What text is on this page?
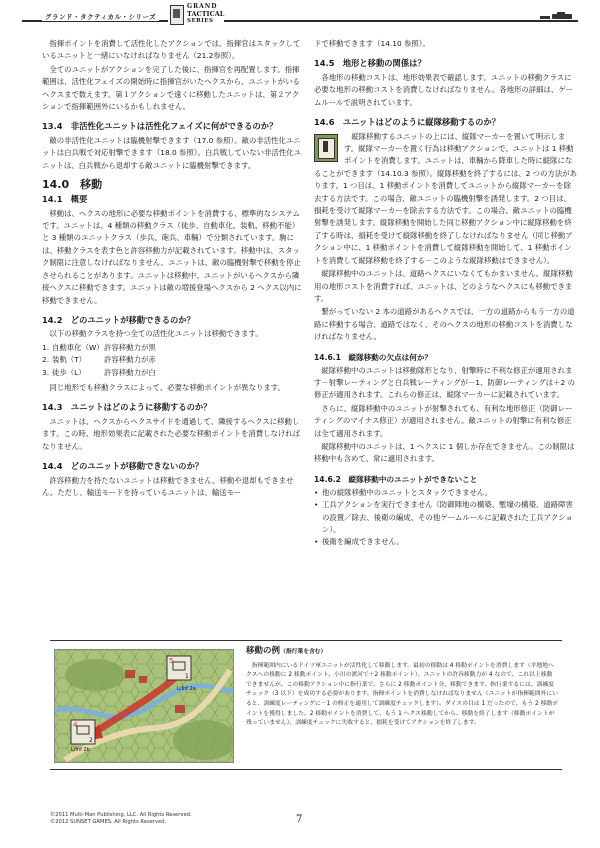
グランド・タクティカル・シリーズ
GRAND
TACTICAL
SERIES

指揮ポイントを消費して活性化したアクションでは、指揮官はスタックしているユニットと一緒にいなければなりません（21.2参照）。

全てのユニットがアクションを完了した後に、指揮官を再配置します。指揮範囲は、活性化フェイズの開始時に指揮官がいたヘクスから、ユニットがいるヘクスまで数えます。第１アクションで遠くに移動したユニットは、第２アクションで指揮範囲外にいるかもしれません。

13.4　非活性化ユニットは活性化フェイズに何ができるのか？

敵の非活性化ユニットは臨機射撃できます（17.0 参照）。敵の非活性化ユニットは白兵戦で対応射撃できます（18.0 参照）。白兵戦していない非活性化ユニットは、白兵戦から退却する敵ユニットに臨機射撃できます。

14.0　移動
14.1　概要

移動は、ヘクスの地形に必要な移動ポイントを消費する、標準的なシステムです。ユニットは、4 種類の移動クラス（徒歩、自動車化、装軌、移動不能）と 3 種類のユニットクラス（歩兵、砲兵、車輛）で分類されています。駒には、移動クラスを表す色と許容移動力が記載されています。移動中は、スタック制限に注意しなければなりません。ユニットは、敵の臨機射撃で移動を停止させられることがあります。ユニットは移動中、ユニットがいるヘクスから隣接ヘクスに移動できます。ユニットは敵の増援登場ヘクスから 2 ヘクス以内に移動できません。

14.2　どのユニットが移動できるのか？

以下の移動クラスを持つ全ての活性化ユニットは移動できます。

1. 自動車化（W） 許容移動力が黒
2. 装軌（T）	許容移動力が赤
3. 徒歩（L）	許容移動力が白

同じ地形でも移動クラスによって、必要な移動ポイントが異なります。

14.3　ユニットはどのように移動するのか？

ユニットは、ヘクスからヘクスサイドを通過して、隣接するヘクスに移動します。この時、地形効果表に記載された必要な移動ポイントを消費しなければなりません。

14.4　どのユニットが移動できないのか？

許容移動力を持たないユニットは移動できません。移動や退却もできません。ただし、輸送モードを持っているユニットは、輸送モー

ドで移動できます（14.10 参照）。

14.5　地形と移動の関係は？

各地形の移動コストは、地形効果表で確認します。ユニットの移動クラスに必要な地形の移動コストを消費しなければなりません。各地形の詳細は、ゲームルールで説明されています。

14.6　ユニットはどのように縦隊移動するのか？

縦隊移動するユニットの上には、縦隊マーカーを置いて明示します。縦隊マーカーを置く行為は移動アクションで、ユニットは 1 移動ポイントを消費します。ユニットは、車輛から降車した時に縦隊になることができます（14.10.3 参照）。縦隊移動を終了するには、2 つの方法があります。1 つ目は、1 移動ポイントを消費してユニットから縦隊マーカーを除去する方法です。この場合、敵ユニットの臨機射撃を誘発します。2 つ目は、損耗を受けて縦隊マーカーを除去する方法です。この場合、敵ユニットの臨機射撃を誘発します。縦隊移動を開始した同じ移動アクション中に縦隊移動を終了する時は、損耗を受けて縦隊移動を終了しなければなりません（同じ移動アクション中に、1 移動ポイントを消費して縦隊移動を開始して、1 移動ポイントを消費して縦隊移動を終了する－このような縦隊移動はできません）。

縦隊移動中のユニットは、道路ヘクスにいなくてもかまいません。縦隊移動用の地形コストを消費すれば、ユニットは、どのようなヘクスにも移動できます。

繋がっていない 2 本の道路があるヘクスでは、一方の道路からもう一方の道路に移動する場合、道路ではなく、そのヘクスの地形の移動コストを消費しなければなりません。

14.6.1　縦隊移動の欠点は何か？

縦隊移動中のユニットは移動隊形となり、射撃時に不利な修正が適用されます－射撃レーティングと白兵戦レーティングが－1、防御レーティングは＋2 の修正が適用されます。これらの修正は、縦隊マーカーに記載されています。

さらに、縦隊移動中のユニットが射撃されても、有利な地形修正（防御レーティングのマイナス修正）が適用されません。敵ユニットの射撃に有利な修正は全て適用されます。

縦隊移動中のユニットは、1 ヘクスに 1 個しか存在できません。この制限は移動中も含めて、常に適用されます。

14.6.2　縦隊移動中のユニットができないこと
• 他の縦隊移動中のユニットとスタックできません。
• 工兵アクションを実行できません（防御陣地の構築、塹壕の構築、道路障害の設置／除去、後衛の編成、その他ゲームルールに記載された工兵アクション）。
• 後衛を編成できません。
5
1
4
2
L/Inf 2a
L/Inf 2b
移動の例（指行業を含む）

指揮範囲内にいるドイツ軍ユニットが活性化して移動します。最初の移動は 4 移動ポイントを消費します（平地地ヘクスへの移動に 2 移動ポイント、小川の渡河で＋2 移動ポイント）。ユニットの許容移動力が 4 なので、これ以上移動できませんが、この移動アクション中に指行業で、さらに 2 移動ポイント分、移動できます。指行業するには、訓練度チェック（3 以下）を成功する必要があります。指揮ポイントを消費しなければなりません（ユニットが指揮範囲外にいると、訓練度レーティングに－1 の修正を適用して訓練度チェックします）。ダイスの目は 1 だったので、もう 2 移動ポイントを獲得しました。2 移動ポイントを消費して、もう 1 ヘクス移動してから、移動を終了します（移動ポイントが残っていません）。訓練度チェックに失敗すると、損耗を受けてアクションを終了します。

©2011 Multi-Man Publishing, LLC. All Rights Reserved.
©2012 SUNSET GAMES. All Rights Reserved.	7
